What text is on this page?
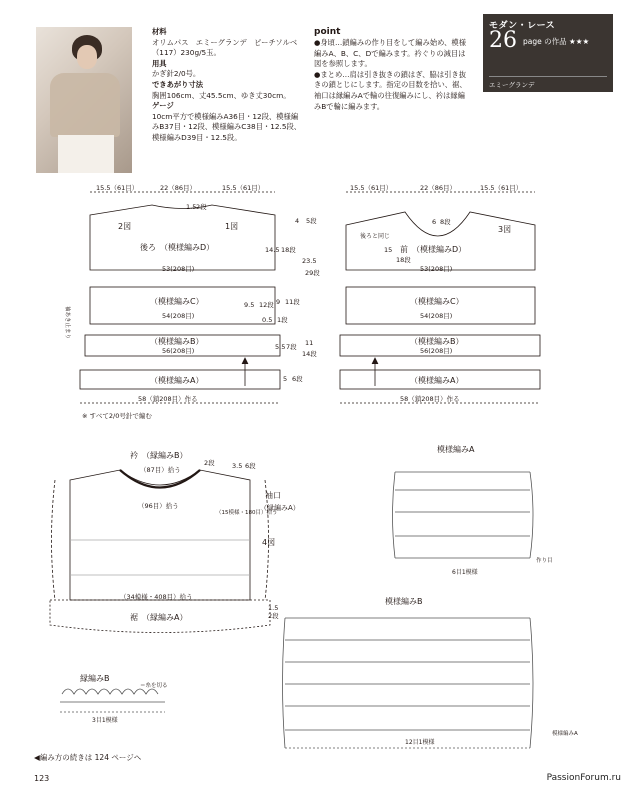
材料
オリムパス　エミーグランデ　ピーチソルベ（117）230g/5玉。
用具
かぎ針2/0号。
できあがり寸法
胸囲106cm、丈45.5cm、ゆき丈30cm。
ゲージ
10cm平方で模様編みA36目・12段、模様編みB37目・12段、模様編みC38目・12.5段、模様編みD39目・12.5段。
point
●身頃…鎖編みの作り目をして編み始め、模様編みA、B、C、Dで編みます。衿ぐりの減目は図を参照します。
●まとめ…肩は引き抜きの鎖はぎ、脇は引き抜きの鎖とじにします。指定の目数を拾い、裾、袖口は縁編みAで輪の往復編みにし、衿は縁編みBで輪に編みます。
モダン・レース
26 page の作品 ★★★
エミーグランデ
15.5（61目）	22（86目）	15.5（61目）
1.5 2段
2図	1図
後ろ　（模様編みD）
53(208目)
14.5 18段
（模様編みC）
54(208目)
9.5 12段 9 11段
0.5 1段
（模様編みB）
56(208目)	5.5 7段
（模様編みA）	5 6段
58（鎖208目）作る
4 5段
袖あき止まり
15.5（61目）	22（86目）	15.5（61目）
6 8段
3図
後ろと同じ
前　（模様編みD）
53(208目)
15
18段
（模様編みC）
54(208目)
（模様編みB）
56(208目)
（模様編みA）
58（鎖208目）作る
23.5
29段
11
14段
※ すべて2/0号針で編む
衿　（縁編みB）
（87目）拾う
（96目）拾う
2段	3.5 6段
袖口
（縁編みA）
（15模様・180目）拾う
4図
（34模様・408目）拾う
裾　（縁編みA）
1.5
2段
模様編みA
6目1模様
模様編みB
12目1模様
模様編みA
縁編みB
3目1模様
＝糸を切る
作り目
◀編み方の続きは 124 ページへ
123	PassionForum.ru
